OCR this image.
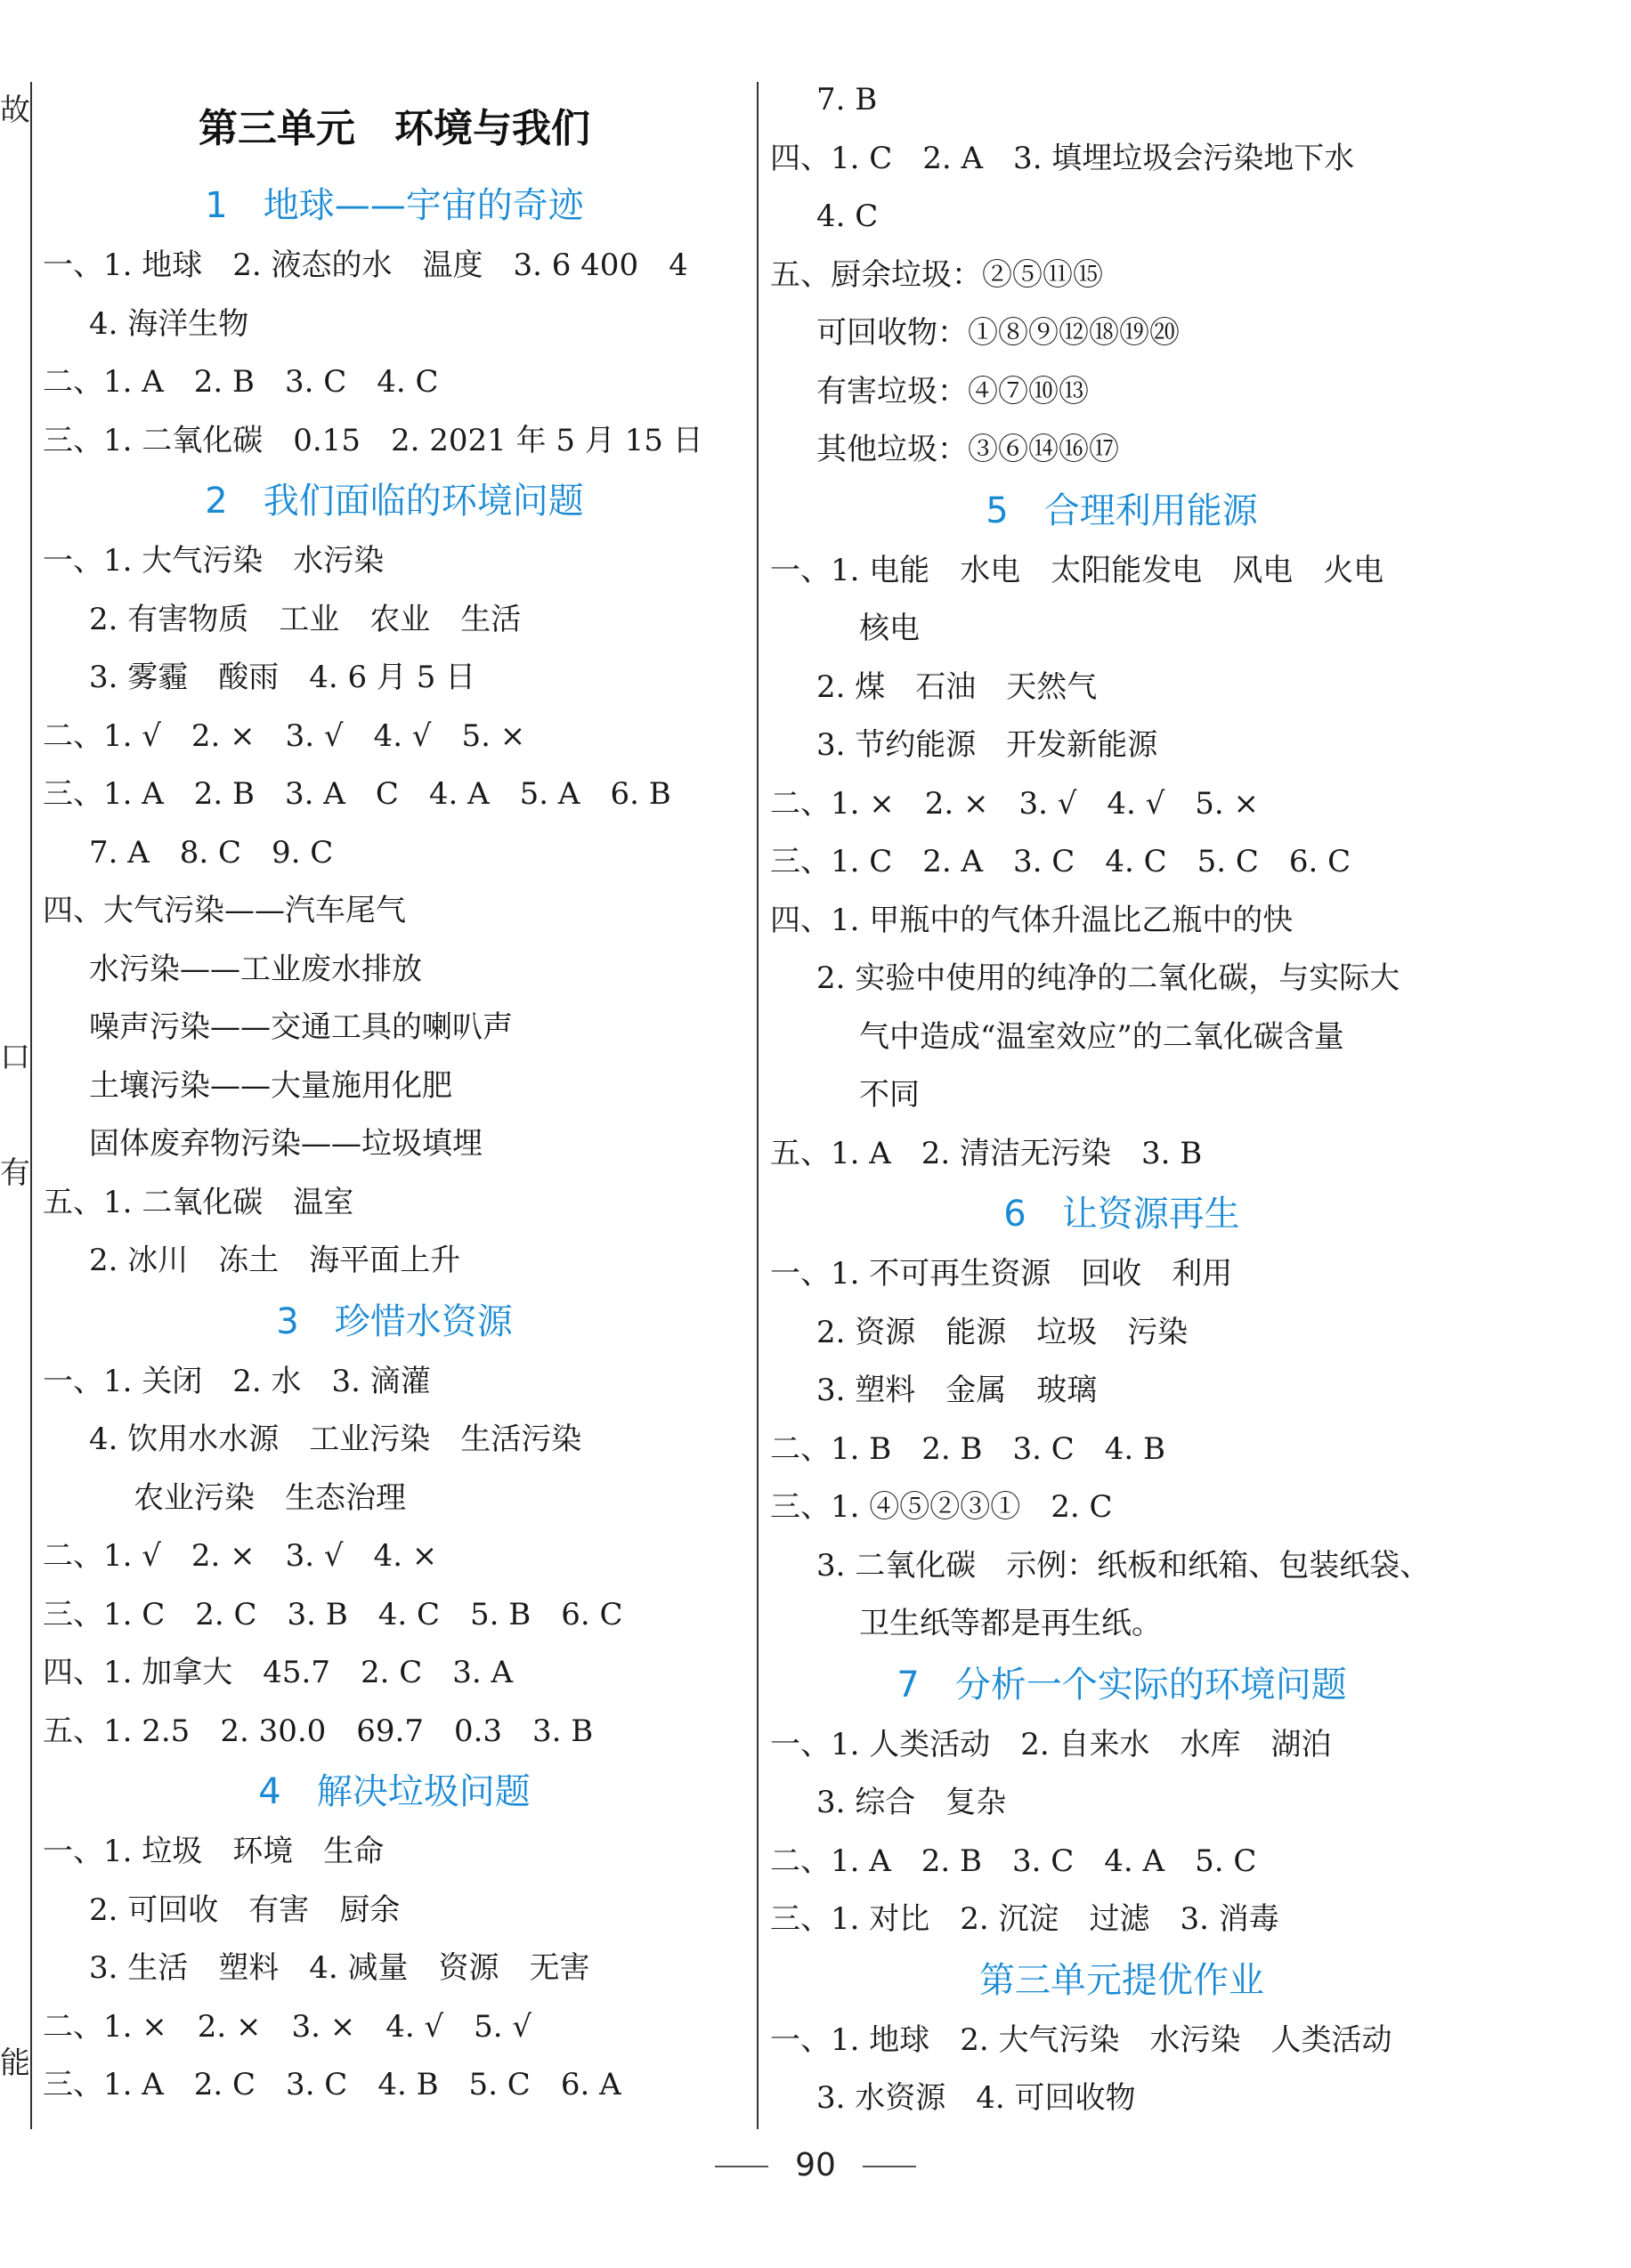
故
口
有
能
第三单元　环境与我们
1　地球——宇宙的奇迹
一、1. 地球　2. 液态的水　温度　3. 6 400　4
4. 海洋生物
二、1. A　2. B　3. C　4. C
三、1. 二氧化碳　0.15　2. 2021 年 5 月 15 日
2　我们面临的环境问题
一、1. 大气污染　水污染
2. 有害物质　工业　农业　生活
3. 雾霾　酸雨　4. 6 月 5 日
二、1. √　2. ×　3. √　4. √　5. ×
三、1. A　2. B　3. A　C　4. A　5. A　6. B
7. A　8. C　9. C
四、大气污染——汽车尾气
水污染——工业废水排放
噪声污染——交通工具的喇叭声
土壤污染——大量施用化肥
固体废弃物污染——垃圾填埋
五、1. 二氧化碳　温室
2. 冰川　冻土　海平面上升
3　珍惜水资源
一、1. 关闭　2. 水　3. 滴灌
4. 饮用水水源　工业污染　生活污染
农业污染　生态治理
二、1. √　2. ×　3. √　4. ×
三、1. C　2. C　3. B　4. C　5. B　6. C
四、1. 加拿大　45.7　2. C　3. A
五、1. 2.5　2. 30.0　69.7　0.3　3. B
4　解决垃圾问题
一、1. 垃圾　环境　生命
2. 可回收　有害　厨余
3. 生活　塑料　4. 减量　资源　无害
二、1. ×　2. ×　3. ×　4. √　5. √
三、1. A　2. C　3. C　4. B　5. C　6. A
7. B
四、1. C　2. A　3. 填埋垃圾会污染地下水
4. C
五、厨余垃圾：②⑤⑪⑮
可回收物：①⑧⑨⑫⑱⑲⑳
有害垃圾：④⑦⑩⑬
其他垃圾：③⑥⑭⑯⑰
5　合理利用能源
一、1. 电能　水电　太阳能发电　风电　火电
核电
2. 煤　石油　天然气
3. 节约能源　开发新能源
二、1. ×　2. ×　3. √　4. √　5. ×
三、1. C　2. A　3. C　4. C　5. C　6. C
四、1. 甲瓶中的气体升温比乙瓶中的快
2. 实验中使用的纯净的二氧化碳，与实际大
气中造成“温室效应”的二氧化碳含量
不同
五、1. A　2. 清洁无污染　3. B
6　让资源再生
一、1. 不可再生资源　回收　利用
2. 资源　能源　垃圾　污染
3. 塑料　金属　玻璃
二、1. B　2. B　3. C　4. B
三、1. ④⑤②③①　2. C
3. 二氧化碳　示例：纸板和纸箱、包装纸袋、
卫生纸等都是再生纸。
7　分析一个实际的环境问题
一、1. 人类活动　2. 自来水　水库　湖泊
3. 综合　复杂
二、1. A　2. B　3. C　4. A　5. C
三、1. 对比　2. 沉淀　过滤　3. 消毒
第三单元提优作业
一、1. 地球　2. 大气污染　水污染　人类活动
3. 水资源　4. 可回收物
90
